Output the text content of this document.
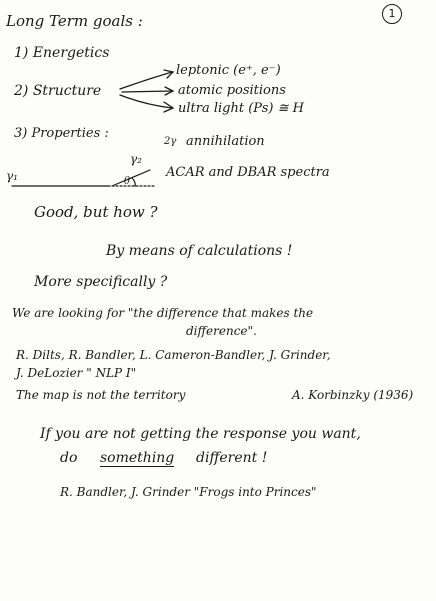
1
Long Term goals :
1) Energetics
2) Structure
leptonic (e⁺, e⁻)
atomic positions
ultra light (Ps) ≅ H
3) Properties :
2γ annihilation
γ₁
γ₂
θ
ACAR and DBAR spectra
Good, but how ?
By means of calculations !
More specifically ?
We are looking for "the difference that makes the
difference".
R. Dilts, R. Bandler, L. Cameron-Bandler, J. Grinder,
J. DeLozier " NLP I"
The map is not the territory	A. Korbinzky (1936)
If you are not getting the response you want,
do something different !
R. Bandler, J. Grinder "Frogs into Princes"
